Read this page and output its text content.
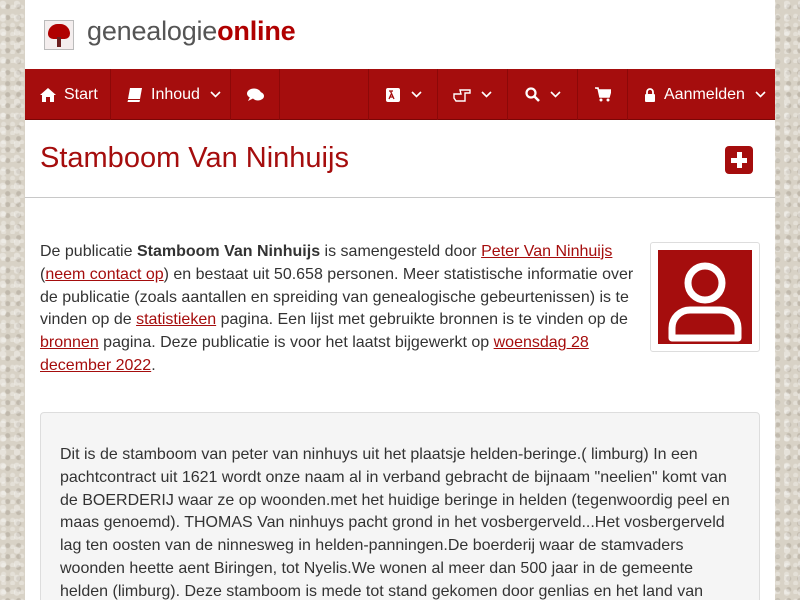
genealogieonline
Start	Inhoud	Aanmelden
Stamboom Van Ninhuijs
De publicatie Stamboom Van Ninhuijs is samengesteld door Peter Van Ninhuijs
(neem contact op) en bestaat uit 50.658 personen. Meer statistische informatie over de publicatie (zoals aantallen en spreiding van genealogische gebeurtenissen) is te vinden op de statistieken pagina. Een lijst met gebruikte bronnen is te vinden op de bronnen pagina. Deze publicatie is voor het laatst bijgewerkt op woensdag 28 december 2022.
Dit is de stamboom van peter van ninhuys uit het plaatsje helden-beringe.( limburg) In een pachtcontract uit 1621 wordt onze naam al in verband gebracht de bijnaam "neelien" komt van de BOERDERIJ waar ze op woonden.met het huidige beringe in helden (tegenwoordig peel en maas genoemd). THOMAS Van ninhuys pacht grond in het vosbergerveld...Het vosbergerveld lag ten oosten van de ninnesweg in helden-panningen.De boerderij waar de stamvaders woonden heette aent Biringen, tot Nyelis.We wonen al meer dan 500 jaar in de gemeente helden (limburg). Deze stamboom is mede tot stand gekomen door genlias en het land van
